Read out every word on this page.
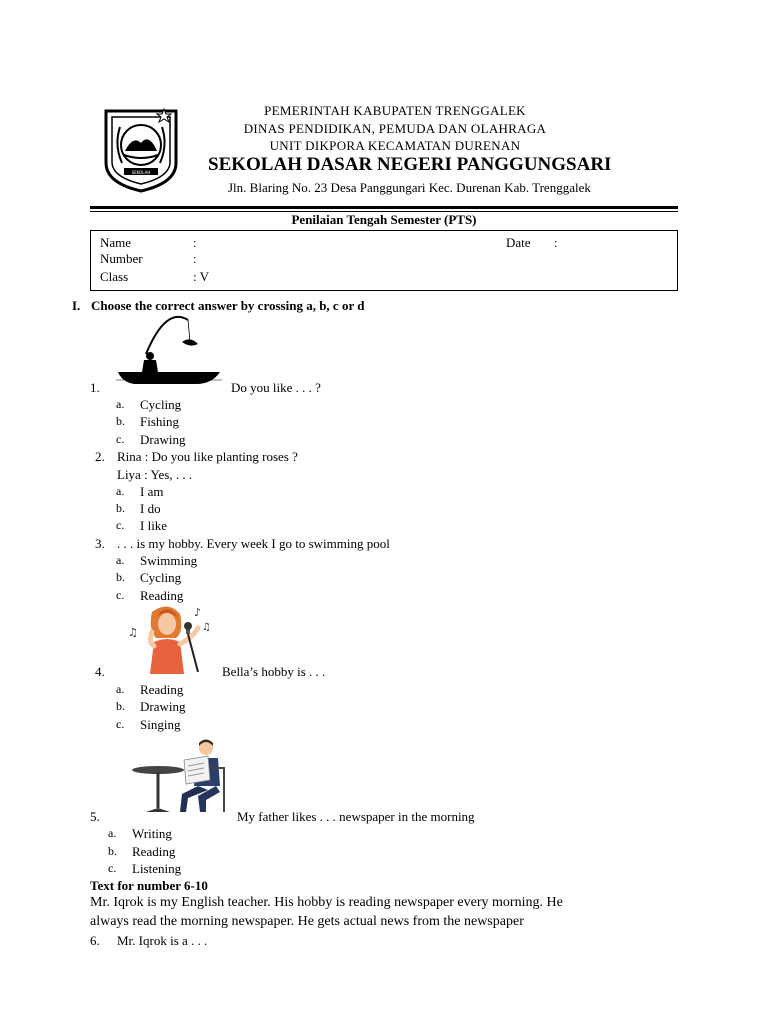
SEKOLAH
PEMERINTAH KABUPATEN TRENGGALEK
DINAS PENDIDIKAN, PEMUDA DAN OLAHRAGA
UNIT DIKPORA KECAMATAN DURENAN
SEKOLAH DASAR NEGERI PANGGUNGSARI
Jln. Blaring No. 23 Desa Panggungari Kec. Durenan Kab. Trenggalek
Penilaian Tengah Semester (PTS)
Name	:
Number	:
Class	: V
Date :
I. Choose the correct answer by crossing a, b, c or d
1.	Do you like . . . ?
a.	Cycling
b.	Fishing
c.	Drawing
2. Rina : Do you like planting roses ?
Liya : Yes, . . .
a.	I am
b.	I do
c.	I like
3. . . . is my hobby. Every week I go to swimming pool
a.	Swimming
b.	Cycling
c.	Reading
♫
♪
♫
4.	Bella’s hobby is . . .
a.	Reading
b.	Drawing
c.	Singing
5.	My father likes . . . newspaper in the morning
a.	Writing
b.	Reading
c.	Listening
Text for number 6-10
Mr. Iqrok is my English teacher. His hobby is reading newspaper every morning. He
always read the morning newspaper. He gets actual news from the newspaper
6. Mr. Iqrok is a . . .
